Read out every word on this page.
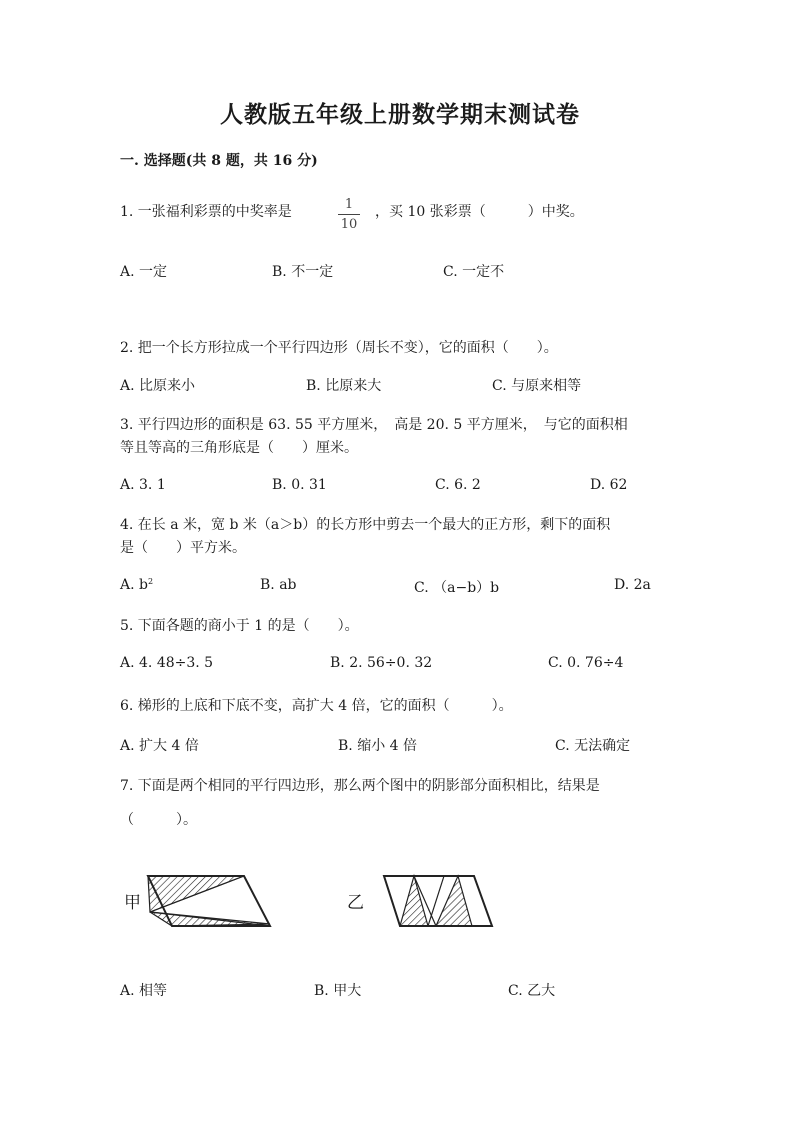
人教版五年级上册数学期末测试卷
一. 选择题(共 8 题，共 16 分)
1. 一张福利彩票的中奖率是	1
10
，买 10 张彩票（　　　）中奖。
A. 一定	B. 不一定	C. 一定不
2. 把一个长方形拉成一个平行四边形（周长不变），它的面积（　　）。
A. 比原来小	B. 比原来大	C. 与原来相等
3. 平行四边形的面积是 63. 55 平方厘米，　高是 20. 5 平方厘米，　与它的面积相
等且等高的三角形底是（　　）厘米。
A. 3. 1	B. 0. 31	C. 6. 2	D. 62
4. 在长 a 米，宽 b 米（a＞b）的长方形中剪去一个最大的正方形，剩下的面积
是（　　）平方米。
A. $b^2$	B. ab	C. （a−b）b	D. 2a
5. 下面各题的商小于 1 的是（　　）。
A. 4. 48÷3. 5	B. 2. 56÷0. 32	C. 0. 76÷4
6. 梯形的上底和下底不变，高扩大 4 倍，它的面积（　　　）。
A. 扩大 4 倍	B. 缩小 4 倍	C. 无法确定
7. 下面是两个相同的平行四边形，那么两个图中的阴影部分面积相比，结果是
（　　　）。
甲	乙
A. 相等	B. 甲大	C. 乙大
